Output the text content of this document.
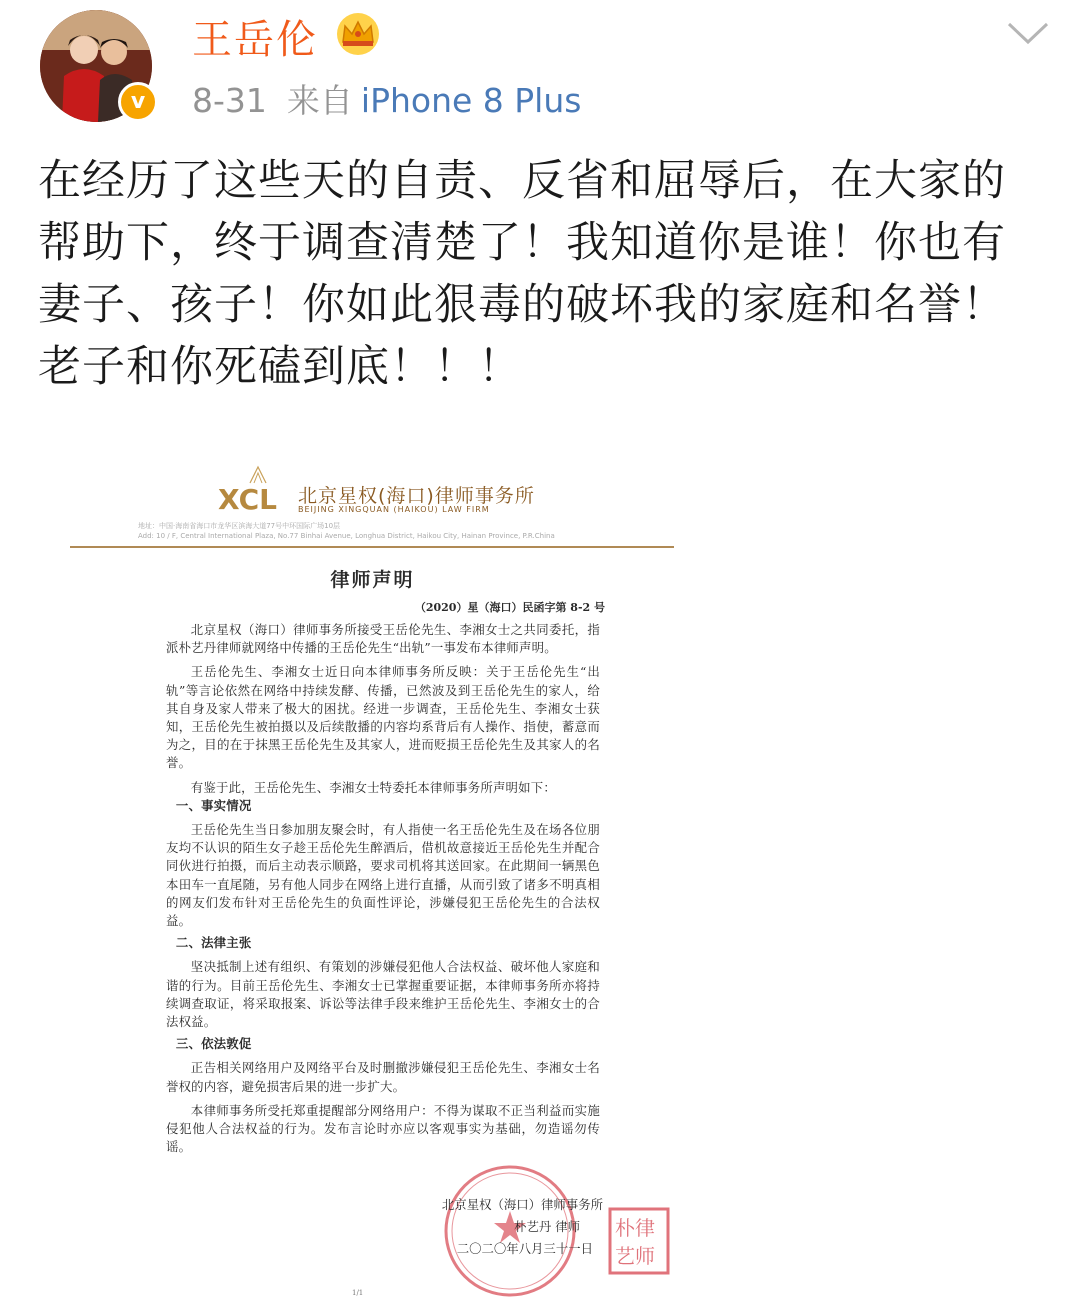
v
王岳伦
8-31 来自 iPhone 8 Plus
在经历了这些天的自责、反省和屈辱后，在大家的帮助下，终于调查清楚了！我知道你是谁！你也有妻子、孩子！你如此狠毒的破坏我的家庭和名誉！老子和你死磕到底！！！
XCL 北京星权(海口)律师事务所
BEIJING XINGQUAN (HAIKOU) LAW FIRM
地址：中国·海南省海口市龙华区滨海大道77号中环国际广场10层
Add: 10 / F, Central International Plaza, No.77 Binhai Avenue, Longhua District, Haikou City, Hainan Province, P.R.China
律师声明
（2020）星（海口）民函字第 8-2 号

北京星权（海口）律师事务所接受王岳伦先生、李湘女士之共同委托，指派朴艺丹律师就网络中传播的王岳伦先生“出轨”一事发布本律师声明。

王岳伦先生、李湘女士近日向本律师事务所反映：关于王岳伦先生“出轨”等言论依然在网络中持续发酵、传播，已然波及到王岳伦先生的家人，给其自身及家人带来了极大的困扰。经进一步调查，王岳伦先生、李湘女士获知，王岳伦先生被拍摄以及后续散播的内容均系背后有人操作、指使，蓄意而为之，目的在于抹黑王岳伦先生及其家人，进而贬损王岳伦先生及其家人的名誉。

有鉴于此，王岳伦先生、李湘女士特委托本律师事务所声明如下：

一、事实情况

王岳伦先生当日参加朋友聚会时，有人指使一名王岳伦先生及在场各位朋友均不认识的陌生女子趁王岳伦先生醉酒后，借机故意接近王岳伦先生并配合同伙进行拍摄，而后主动表示顺路，要求司机将其送回家。在此期间一辆黑色本田车一直尾随，另有他人同步在网络上进行直播，从而引致了诸多不明真相的网友们发布针对王岳伦先生的负面性评论，涉嫌侵犯王岳伦先生的合法权益。

二、法律主张

坚决抵制上述有组织、有策划的涉嫌侵犯他人合法权益、破坏他人家庭和谐的行为。目前王岳伦先生、李湘女士已掌握重要证据，本律师事务所亦将持续调查取证，将采取报案、诉讼等法律手段来维护王岳伦先生、李湘女士的合法权益。

三、依法敦促

正告相关网络用户及网络平台及时删撤涉嫌侵犯王岳伦先生、李湘女士名誉权的内容，避免损害后果的进一步扩大。

本律师事务所受托郑重提醒部分网络用户：不得为谋取不正当利益而实施侵犯他人合法权益的行为。发布言论时亦应以客观事实为基础，勿造谣勿传谣。

北京星权（海口）律师事务所
朴艺丹 律师
二〇二〇年八月三十一日
朴律
艺师
1/1
